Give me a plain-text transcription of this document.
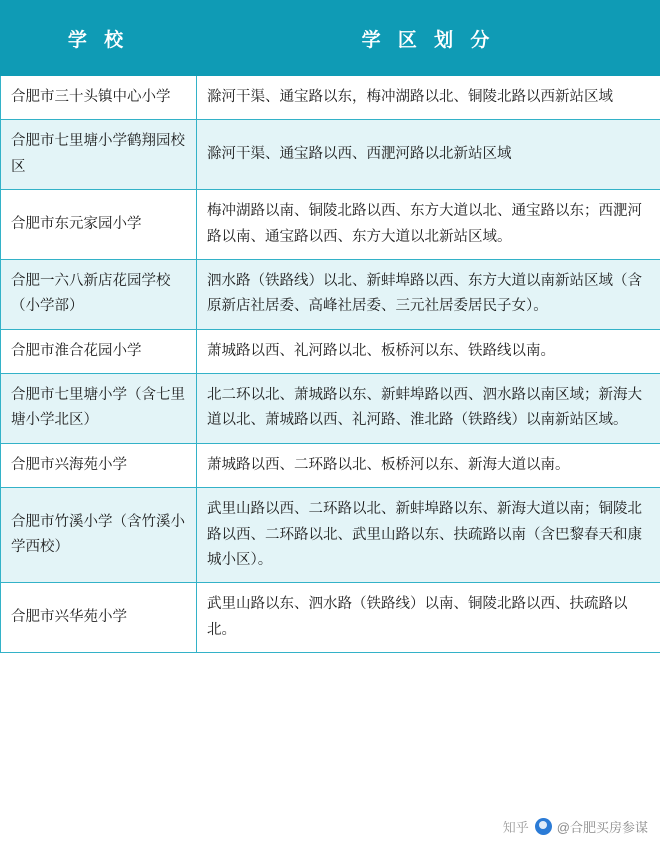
学 校	学 区 划 分
合肥市三十头镇中心小学	滁河干渠、通宝路以东，梅冲湖路以北、铜陵北路以西新站区域
合肥市七里塘小学鹤翔园校区	滁河干渠、通宝路以西、西淝河路以北新站区域
合肥市东元家园小学	梅冲湖路以南、铜陵北路以西、东方大道以北、通宝路以东；西淝河路以南、通宝路以西、东方大道以北新站区域。
合肥一六八新店花园学校（小学部）	泗水路（铁路线）以北、新蚌埠路以西、东方大道以南新站区域（含原新店社居委、高峰社居委、三元社居委居民子女）。
合肥市淮合花园小学	萧城路以西、礼河路以北、板桥河以东、铁路线以南。
合肥市七里塘小学（含七里塘小学北区）	北二环以北、萧城路以东、新蚌埠路以西、泗水路以南区域；新海大道以北、萧城路以西、礼河路、淮北路（铁路线）以南新站区域。
合肥市兴海苑小学	萧城路以西、二环路以北、板桥河以东、新海大道以南。
合肥市竹溪小学（含竹溪小学西校）	武里山路以西、二环路以北、新蚌埠路以东、新海大道以南；铜陵北路以西、二环路以北、武里山路以东、扶疏路以南（含巴黎春天和康城小区）。
合肥市兴华苑小学	武里山路以东、泗水路（铁路线）以南、铜陵北路以西、扶疏路以北。
知乎 @合肥买房参谋
